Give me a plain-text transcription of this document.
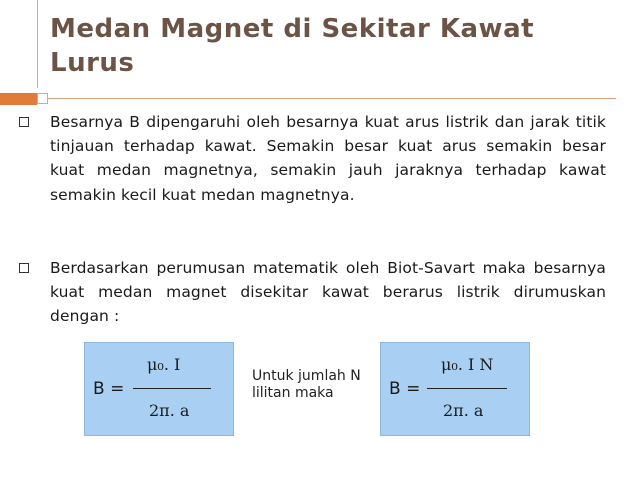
Medan Magnet di Sekitar Kawat Lurus
Besarnya B dipengaruhi oleh besarnya kuat arus listrik dan jarak titik tinjauan terhadap kawat. Semakin besar kuat arus semakin besar kuat medan magnetnya, semakin jauh jaraknya terhadap kawat semakin kecil kuat medan magnetnya.
Berdasarkan perumusan matematik oleh Biot-Savart maka besarnya kuat medan magnet disekitar kawat berarus listrik dirumuskan dengan :
B =
μ₀. I
2π. a
Untuk jumlah N
lilitan maka	B =
μ₀. I N
2π. a
